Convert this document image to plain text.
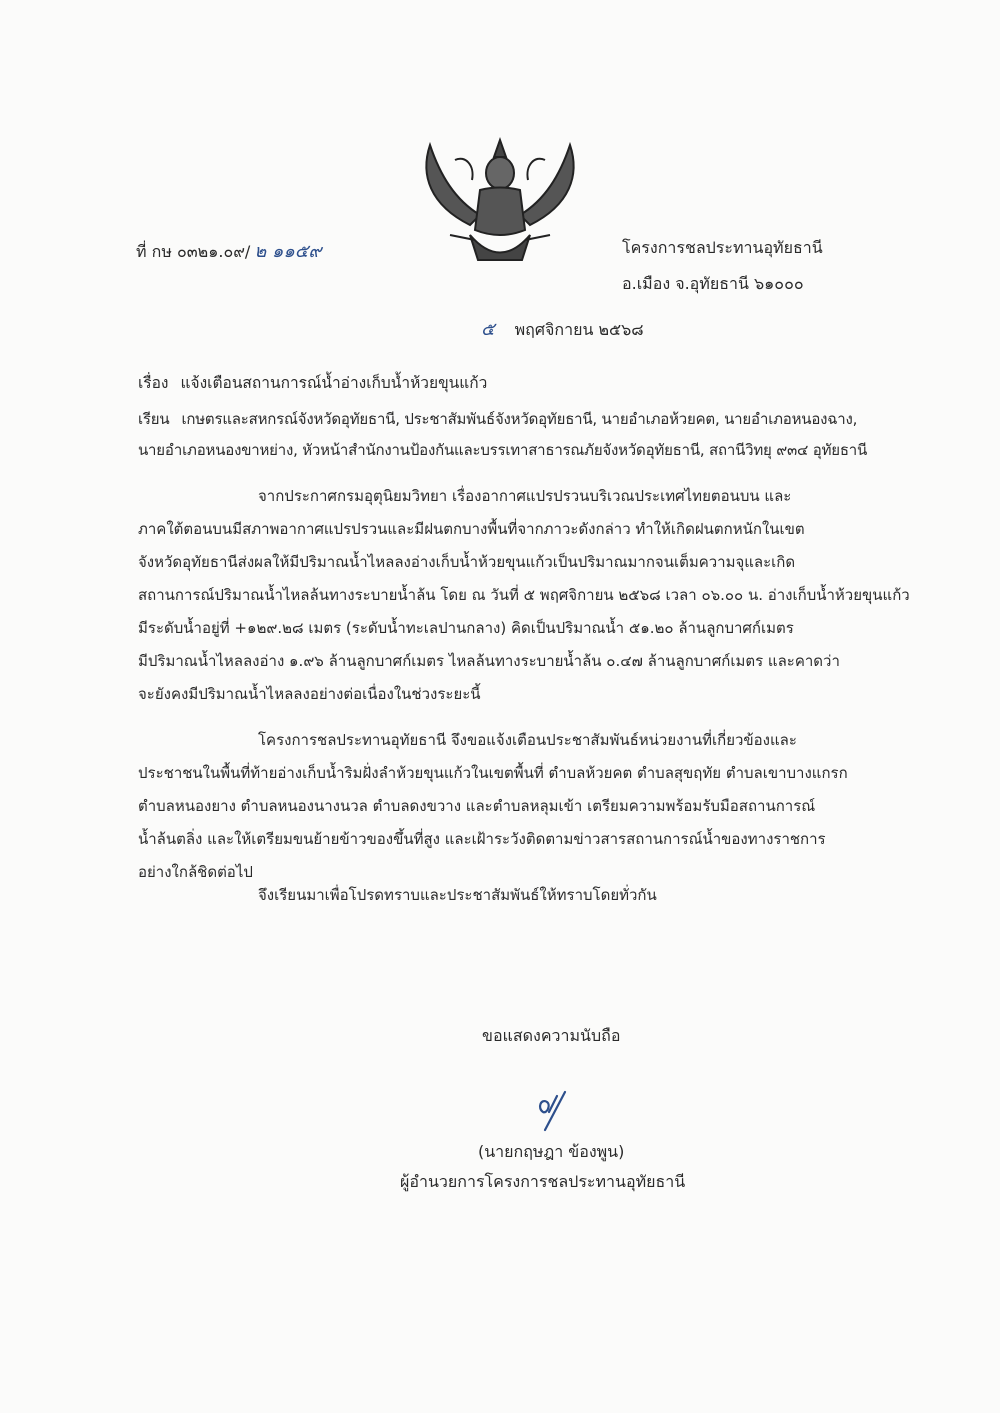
ที่ กษ ๐๓๒๑.๐๙/ ๒ ๑๑๕๙	โครงการชลประทานอุทัยธานี
อ.เมือง จ.อุทัยธานี ๖๑๐๐๐
๕ พฤศจิกายน ๒๕๖๘
เรื่อง แจ้งเตือนสถานการณ์น้ำอ่างเก็บน้ำห้วยขุนแก้ว
เรียน เกษตรและสหกรณ์จังหวัดอุทัยธานี, ประชาสัมพันธ์จังหวัดอุทัยธานี, นายอำเภอห้วยคต, นายอำเภอหนองฉาง,
นายอำเภอหนองขาหย่าง, หัวหน้าสำนักงานป้องกันและบรรเทาสาธารณภัยจังหวัดอุทัยธานี, สถานีวิทยุ ๙๓๔ อุทัยธานี
จากประกาศกรมอุตุนิยมวิทยา เรื่องอากาศแปรปรวนบริเวณประเทศไทยตอนบน และ
ภาคใต้ตอนบนมีสภาพอากาศแปรปรวนและมีฝนตกบางพื้นที่จากภาวะดังกล่าว ทำให้เกิดฝนตกหนักในเขต
จังหวัดอุทัยธานีส่งผลให้มีปริมาณน้ำไหลลงอ่างเก็บน้ำห้วยขุนแก้วเป็นปริมาณมากจนเต็มความจุและเกิด
สถานการณ์ปริมาณน้ำไหลล้นทางระบายน้ำล้น โดย ณ วันที่ ๕ พฤศจิกายน ๒๕๖๘ เวลา ๐๖.๐๐ น. อ่างเก็บน้ำห้วยขุนแก้ว
มีระดับน้ำอยู่ที่ +๑๒๙.๒๘ เมตร (ระดับน้ำทะเลปานกลาง) คิดเป็นปริมาณน้ำ ๕๑.๒๐ ล้านลูกบาศก์เมตร
มีปริมาณน้ำไหลลงอ่าง ๑.๙๖ ล้านลูกบาศก์เมตร ไหลล้นทางระบายน้ำล้น ๐.๔๗ ล้านลูกบาศก์เมตร และคาดว่า
จะยังคงมีปริมาณน้ำไหลลงอย่างต่อเนื่องในช่วงระยะนี้
โครงการชลประทานอุทัยธานี จึงขอแจ้งเตือนประชาสัมพันธ์หน่วยงานที่เกี่ยวข้องและ
ประชาชนในพื้นที่ท้ายอ่างเก็บน้ำริมฝั่งลำห้วยขุนแก้วในเขตพื้นที่ ตำบลห้วยคต ตำบลสุขฤทัย ตำบลเขาบางแกรก
ตำบลหนองยาง ตำบลหนองนางนวล ตำบลดงขวาง และตำบลหลุมเข้า เตรียมความพร้อมรับมือสถานการณ์
น้ำล้นตลิ่ง และให้เตรียมขนย้ายข้าวของขึ้นที่สูง และเฝ้าระวังติดตามข่าวสารสถานการณ์น้ำของทางราชการ
อย่างใกล้ชิดต่อไป
จึงเรียนมาเพื่อโปรดทราบและประชาสัมพันธ์ให้ทราบโดยทั่วกัน
ขอแสดงความนับถือ
(นายกฤษฎา ข้องพูน)
ผู้อำนวยการโครงการชลประทานอุทัยธานี
